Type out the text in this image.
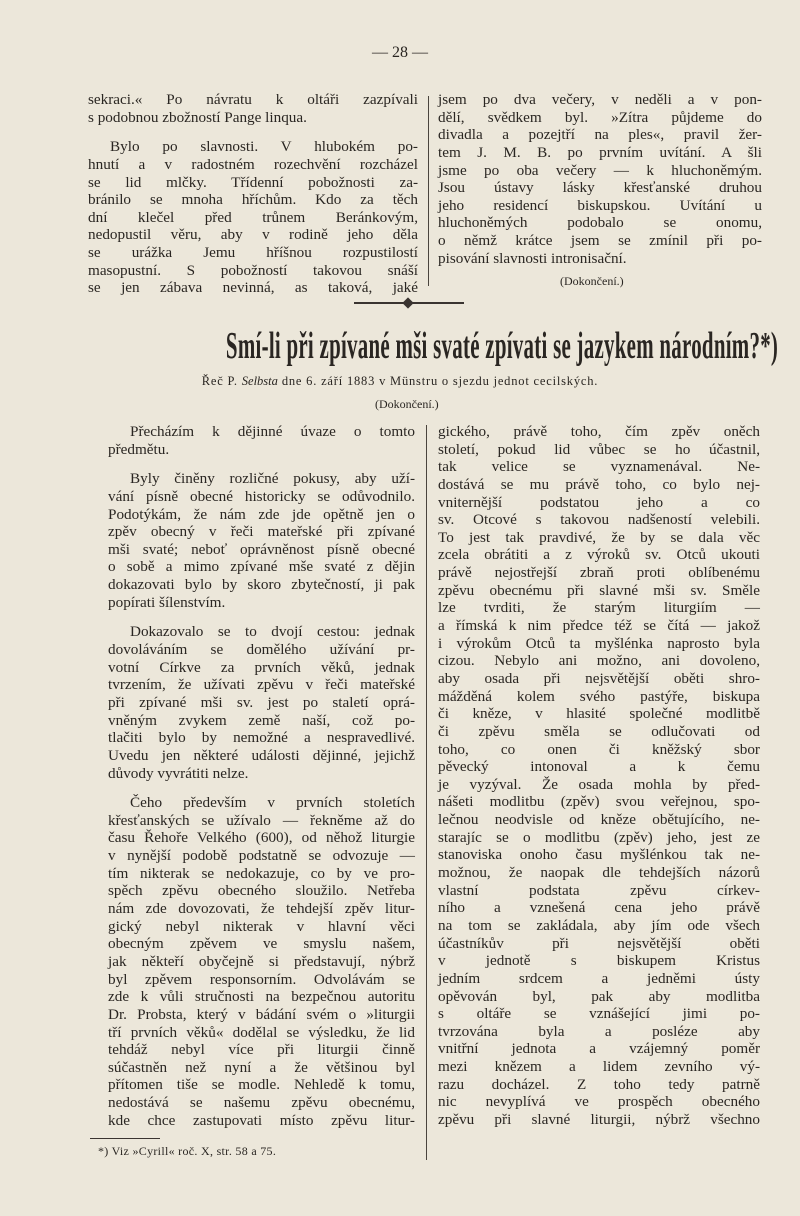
— 28 —
sekraci.« Po návratu k oltáři zazpívali
s podobnou zbožností Pange linqua.
Bylo po slavnosti. V hlubokém po-
hnutí a v radostném rozechvění rozcházel
se lid mlčky. Třídenní pobožnosti za-
bránilo se mnoha hříchům. Kdo za těch
dní klečel před trůnem Beránkovým,
nedopustil věru, aby v rodině jeho děla
se urážka Jemu hříšnou rozpustilostí
masopustní. S pobožností takovou snáší
se jen zábava nevinná, as taková, jaké
jsem po dva večery, v neděli a v pon-
dělí, svědkem byl. »Zítra půjdeme do
divadla a pozejtří na ples«, pravil žer-
tem J. M. B. po prvním uvítání. A šli
jsme po oba večery — k hluchoněmým.
Jsou ústavy lásky křesťanské druhou
jeho residencí biskupskou. Uvítání u
hluchoněmých podobalo se onomu,
o němž krátce jsem se zmínil při po-
pisování slavnosti intronisační.
(Dokončení.)
Smí-li při zpívané mši svaté zpívati se jazykem národním?*)
Řeč P. Selbsta dne 6. září 1883 v Münstru o sjezdu jednot cecilských.
(Dokončení.)
Přecházím k dějinné úvaze o tomto
předmětu.
Byly činěny rozličné pokusy, aby uží-
vání písně obecné historicky se odůvodnilo.
Podotýkám, že nám zde jde opětně jen o
zpěv obecný v řeči mateřské při zpívané
mši svaté; neboť oprávněnost písně obecné
o sobě a mimo zpívané mše svaté z dějin
dokazovati bylo by skoro zbytečností, ji pak
popírati šílenstvím.
Dokazovalo se to dvojí cestou: jednak
dovoláváním se domělého užívání pr-
votní Církve za prvních věků, jednak
tvrzením, že užívati zpěvu v řeči mateřské
při zpívané mši sv. jest po staletí oprá-
vněným zvykem země naší, což po-
tlačiti bylo by nemožné a nespravedlivé.
Uvedu jen některé události dějinné, jejichž
důvody vyvrátiti nelze.
Čeho především v prvních stoletích
křesťanských se užívalo — řekněme až do
času Řehoře Velkého (600), od něhož liturgie
v nynější podobě podstatně se odvozuje —
tím nikterak se nedokazuje, co by ve pro-
spěch zpěvu obecného sloužilo. Netřeba
nám zde dovozovati, že tehdejší zpěv litur-
gický nebyl nikterak v hlavní věci
obecným zpěvem ve smyslu našem,
jak někteří obyčejně si představují, nýbrž
byl zpěvem responsorním. Odvolávám se
zde k vůli stručnosti na bezpečnou autoritu
Dr. Probsta, který v bádání svém o »liturgii
tří prvních věků« dodělal se výsledku, že lid
tehdáž nebyl více při liturgii činně
súčastněn než nyní a že většinou byl
přítomen tiše se modle. Nehledě k tomu,
nedostává se našemu zpěvu obecnému,
kde chce zastupovati místo zpěvu litur-
gického, právě toho, čím zpěv oněch
století, pokud lid vůbec se ho účastnil,
tak velice se vyznamenával. Ne-
dostává se mu právě toho, co bylo nej-
vniternější podstatou jeho a co
sv. Otcové s takovou nadšeností velebili.
To jest tak pravdivé, že by se dala věc
zcela obrátiti a z výroků sv. Otců ukouti
právě nejostřejší zbraň proti oblíbenému
zpěvu obecnému při slavné mši sv. Směle
lze tvrditi, že starým liturgiím —
a římská k nim předce též se čítá — jakož
i výrokům Otců ta myšlénka naprosto byla
cizou. Nebylo ani možno, ani dovoleno,
aby osada při nejsvětější oběti shro-
mážděná kolem svého pastýře, biskupa
či kněze, v hlasité společné modlitbě
či zpěvu směla se odlučovati od
toho, co onen či kněžský sbor
pěvecký intonoval a k čemu
je vyzýval. Že osada mohla by před-
nášeti modlitbu (zpěv) svou veřejnou, spo-
lečnou neodvisle od kněze obětujícího, ne-
starajíc se o modlitbu (zpěv) jeho, jest ze
stanoviska onoho času myšlénkou tak ne-
možnou, že naopak dle tehdejších názorů
vlastní podstata zpěvu církev-
ního a vznešená cena jeho právě
na tom se zakládala, aby jím ode všech
účastníkův při nejsvětější oběti
v jednotě s biskupem Kristus
jedním srdcem a jedněmi ústy
opěvován byl, pak aby modlitba
s oltáře se vznášející jimi po-
tvrzována byla a posléze aby
vnitřní jednota a vzájemný poměr
mezi knězem a lidem zevního vý-
razu docházel. Z toho tedy patrně
nic nevyplívá ve prospěch obecného
zpěvu při slavné liturgii, nýbrž všechno
*) Viz »Cyrill« roč. X, str. 58 a 75.
